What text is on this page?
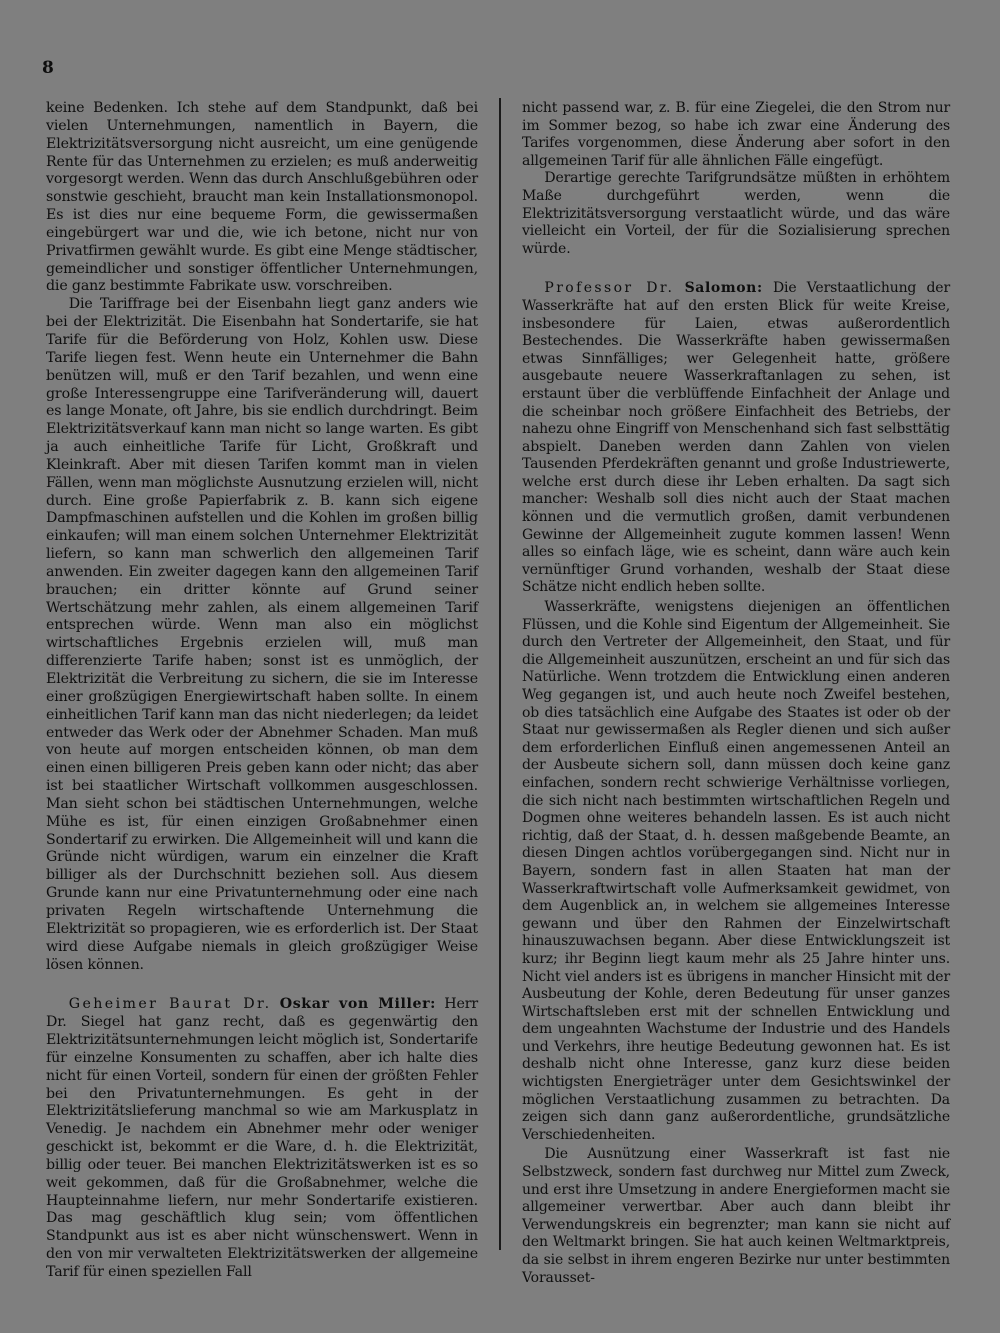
8

keine Bedenken. Ich stehe auf dem Standpunkt, daß bei vielen Unternehmungen, namentlich in Bayern, die Elektrizitätsversorgung nicht ausreicht, um eine genügende Rente für das Unternehmen zu erzielen; es muß anderweitig vorgesorgt werden. Wenn das durch Anschlußgebühren oder sonstwie geschieht, braucht man kein Installationsmonopol. Es ist dies nur eine bequeme Form, die gewissermaßen eingebürgert war und die, wie ich betone, nicht nur von Privatfirmen gewählt wurde. Es gibt eine Menge städtischer, gemeindlicher und sonstiger öffentlicher Unternehmungen, die ganz bestimmte Fabrikate usw. vorschreiben.

Die Tariffrage bei der Eisenbahn liegt ganz anders wie bei der Elektrizität. Die Eisenbahn hat Sondertarife, sie hat Tarife für die Beförderung von Holz, Kohlen usw. Diese Tarife liegen fest. Wenn heute ein Unternehmer die Bahn benützen will, muß er den Tarif bezahlen, und wenn eine große Interessengruppe eine Tarifveränderung will, dauert es lange Monate, oft Jahre, bis sie endlich durchdringt. Beim Elektrizitätsverkauf kann man nicht so lange warten. Es gibt ja auch einheitliche Tarife für Licht, Großkraft und Kleinkraft. Aber mit diesen Tarifen kommt man in vielen Fällen, wenn man möglichste Ausnutzung erzielen will, nicht durch. Eine große Papierfabrik z. B. kann sich eigene Dampfmaschinen aufstellen und die Kohlen im großen billig einkaufen; will man einem solchen Unternehmer Elektrizität liefern, so kann man schwerlich den allgemeinen Tarif anwenden. Ein zweiter dagegen kann den allgemeinen Tarif brauchen; ein dritter könnte auf Grund seiner Wertschätzung mehr zahlen, als einem allgemeinen Tarif entsprechen würde. Wenn man also ein möglichst wirtschaftliches Ergebnis erzielen will, muß man differenzierte Tarife haben; sonst ist es unmöglich, der Elektrizität die Verbreitung zu sichern, die sie im Interesse einer großzügigen Energiewirtschaft haben sollte. In einem einheitlichen Tarif kann man das nicht niederlegen; da leidet entweder das Werk oder der Abnehmer Schaden. Man muß von heute auf morgen entscheiden können, ob man dem einen einen billigeren Preis geben kann oder nicht; das aber ist bei staatlicher Wirtschaft vollkommen ausgeschlossen. Man sieht schon bei städtischen Unternehmungen, welche Mühe es ist, für einen einzigen Großabnehmer einen Sondertarif zu erwirken. Die Allgemeinheit will und kann die Gründe nicht würdigen, warum ein einzelner die Kraft billiger als der Durchschnitt beziehen soll. Aus diesem Grunde kann nur eine Privatunternehmung oder eine nach privaten Regeln wirtschaftende Unternehmung die Elektrizität so propagieren, wie es erforderlich ist. Der Staat wird diese Aufgabe niemals in gleich großzügiger Weise lösen können.

Geheimer Baurat Dr. Oskar von Miller: Herr Dr. Siegel hat ganz recht, daß es gegenwärtig den Elektrizitätsunternehmungen leicht möglich ist, Sondertarife für einzelne Konsumenten zu schaffen, aber ich halte dies nicht für einen Vorteil, sondern für einen der größten Fehler bei den Privatunternehmungen. Es geht in der Elektrizitätslieferung manchmal so wie am Markusplatz in Venedig. Je nachdem ein Abnehmer mehr oder weniger geschickt ist, bekommt er die Ware, d. h. die Elektrizität, billig oder teuer. Bei manchen Elektrizitätswerken ist es so weit gekommen, daß für die Großabnehmer, welche die Haupteinnahme liefern, nur mehr Sondertarife existieren. Das mag geschäftlich klug sein; vom öffentlichen Standpunkt aus ist es aber nicht wünschenswert. Wenn in den von mir verwalteten Elektrizitätswerken der allgemeine Tarif für einen speziellen Fall

nicht passend war, z. B. für eine Ziegelei, die den Strom nur im Sommer bezog, so habe ich zwar eine Änderung des Tarifes vorgenommen, diese Änderung aber sofort in den allgemeinen Tarif für alle ähnlichen Fälle eingefügt.

Derartige gerechte Tarifgrundsätze müßten in erhöhtem Maße durchgeführt werden, wenn die Elektrizitätsversorgung verstaatlicht würde, und das wäre vielleicht ein Vorteil, der für die Sozialisierung sprechen würde.

Professor Dr. Salomon: Die Verstaatlichung der Wasserkräfte hat auf den ersten Blick für weite Kreise, insbesondere für Laien, etwas außerordentlich Bestechendes. Die Wasserkräfte haben gewissermaßen etwas Sinnfälliges; wer Gelegenheit hatte, größere ausgebaute neuere Wasserkraftanlagen zu sehen, ist erstaunt über die verblüffende Einfachheit der Anlage und die scheinbar noch größere Einfachheit des Betriebs, der nahezu ohne Eingriff von Menschenhand sich fast selbsttätig abspielt. Daneben werden dann Zahlen von vielen Tausenden Pferdekräften genannt und große Industriewerte, welche erst durch diese ihr Leben erhalten. Da sagt sich mancher: Weshalb soll dies nicht auch der Staat machen können und die vermutlich großen, damit verbundenen Gewinne der Allgemeinheit zugute kommen lassen! Wenn alles so einfach läge, wie es scheint, dann wäre auch kein vernünftiger Grund vorhanden, weshalb der Staat diese Schätze nicht endlich heben sollte.

Wasserkräfte, wenigstens diejenigen an öffentlichen Flüssen, und die Kohle sind Eigentum der Allgemeinheit. Sie durch den Vertreter der Allgemeinheit, den Staat, und für die Allgemeinheit auszunützen, erscheint an und für sich das Natürliche. Wenn trotzdem die Entwicklung einen anderen Weg gegangen ist, und auch heute noch Zweifel bestehen, ob dies tatsächlich eine Aufgabe des Staates ist oder ob der Staat nur gewissermaßen als Regler dienen und sich außer dem erforderlichen Einfluß einen angemessenen Anteil an der Ausbeute sichern soll, dann müssen doch keine ganz einfachen, sondern recht schwierige Verhältnisse vorliegen, die sich nicht nach bestimmten wirtschaftlichen Regeln und Dogmen ohne weiteres behandeln lassen. Es ist auch nicht richtig, daß der Staat, d. h. dessen maßgebende Beamte, an diesen Dingen achtlos vorübergegangen sind. Nicht nur in Bayern, sondern fast in allen Staaten hat man der Wasserkraftwirtschaft volle Aufmerksamkeit gewidmet, von dem Augenblick an, in welchem sie allgemeines Interesse gewann und über den Rahmen der Einzelwirtschaft hinauszuwachsen begann. Aber diese Entwicklungszeit ist kurz; ihr Beginn liegt kaum mehr als 25 Jahre hinter uns. Nicht viel anders ist es übrigens in mancher Hinsicht mit der Ausbeutung der Kohle, deren Bedeutung für unser ganzes Wirtschaftsleben erst mit der schnellen Entwicklung und dem ungeahnten Wachstume der Industrie und des Handels und Verkehrs, ihre heutige Bedeutung gewonnen hat. Es ist deshalb nicht ohne Interesse, ganz kurz diese beiden wichtigsten Energieträger unter dem Gesichtswinkel der möglichen Verstaatlichung zusammen zu betrachten. Da zeigen sich dann ganz außerordentliche, grundsätzliche Verschiedenheiten.

Die Ausnützung einer Wasserkraft ist fast nie Selbstzweck, sondern fast durchweg nur Mittel zum Zweck, und erst ihre Umsetzung in andere Energieformen macht sie allgemeiner verwertbar. Aber auch dann bleibt ihr Verwendungskreis ein begrenzter; man kann sie nicht auf den Weltmarkt bringen. Sie hat auch keinen Weltmarktpreis, da sie selbst in ihrem engeren Bezirke nur unter bestimmten Vorausset-
